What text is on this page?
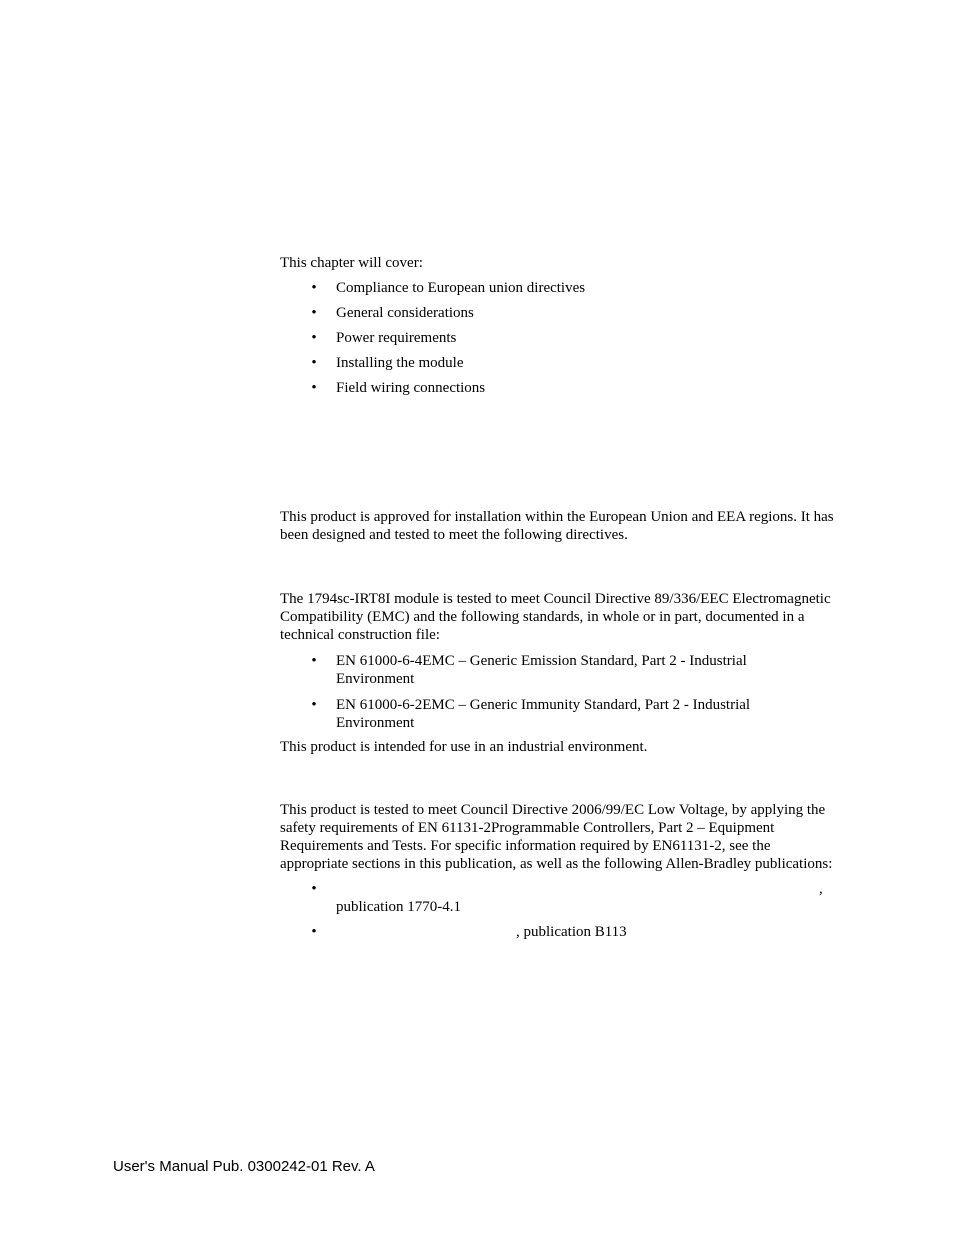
This chapter will cover:

• Compliance to European union directives
• General considerations
• Power requirements
• Installing the module
• Field wiring connections

This product is approved for installation within the European Union and EEA regions. It has been designed and tested to meet the following directives.

The 1794sc-IRT8I module is tested to meet Council Directive 89/336/EEC Electromagnetic Compatibility (EMC) and the following standards, in whole or in part, documented in a technical construction file:

• EN 61000-6-4EMC – Generic Emission Standard, Part 2 - Industrial Environment
• EN 61000-6-2EMC – Generic Immunity Standard, Part 2 - Industrial Environment

This product is intended for use in an industrial environment.

This product is tested to meet Council Directive 2006/99/EC Low Voltage, by applying the safety requirements of EN 61131-2Programmable Controllers, Part 2 – Equipment Requirements and Tests. For specific information required by EN61131-2, see the appropriate sections in this publication, as well as the following Allen-Bradley publications:

•	,
publication 1770-4.1
•	, publication B113
User's Manual Pub. 0300242-01 Rev. A
